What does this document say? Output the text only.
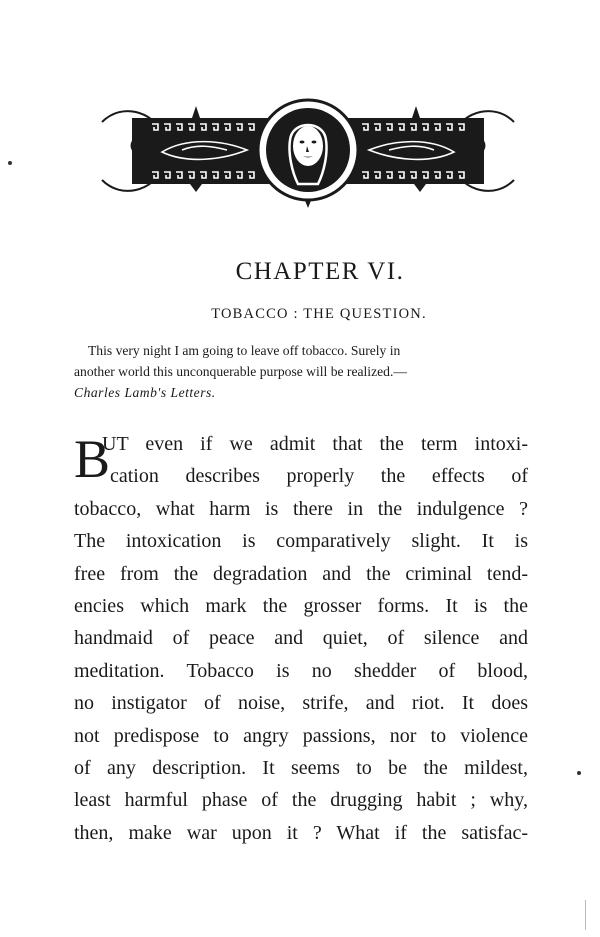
CHAPTER VI.
TOBACCO : THE QUESTION.
This very night I am going to leave off tobacco. Surely in
another world this unconquerable purpose will be realized.—
Charles Lamb's Letters.
B
UT even if we admit that the term intoxi-
cation describes properly the effects of
tobacco, what harm is there in the indulgence ?
The intoxication is comparatively slight. It is
free from the degradation and the criminal tend-
encies which mark the grosser forms. It is the
handmaid of peace and quiet, of silence and
meditation. Tobacco is no shedder of blood,
no instigator of noise, strife, and riot. It does
not predispose to angry passions, nor to violence
of any description. It seems to be the mildest,
least harmful phase of the drugging habit ; why,
then, make war upon it ? What if the satisfac-
